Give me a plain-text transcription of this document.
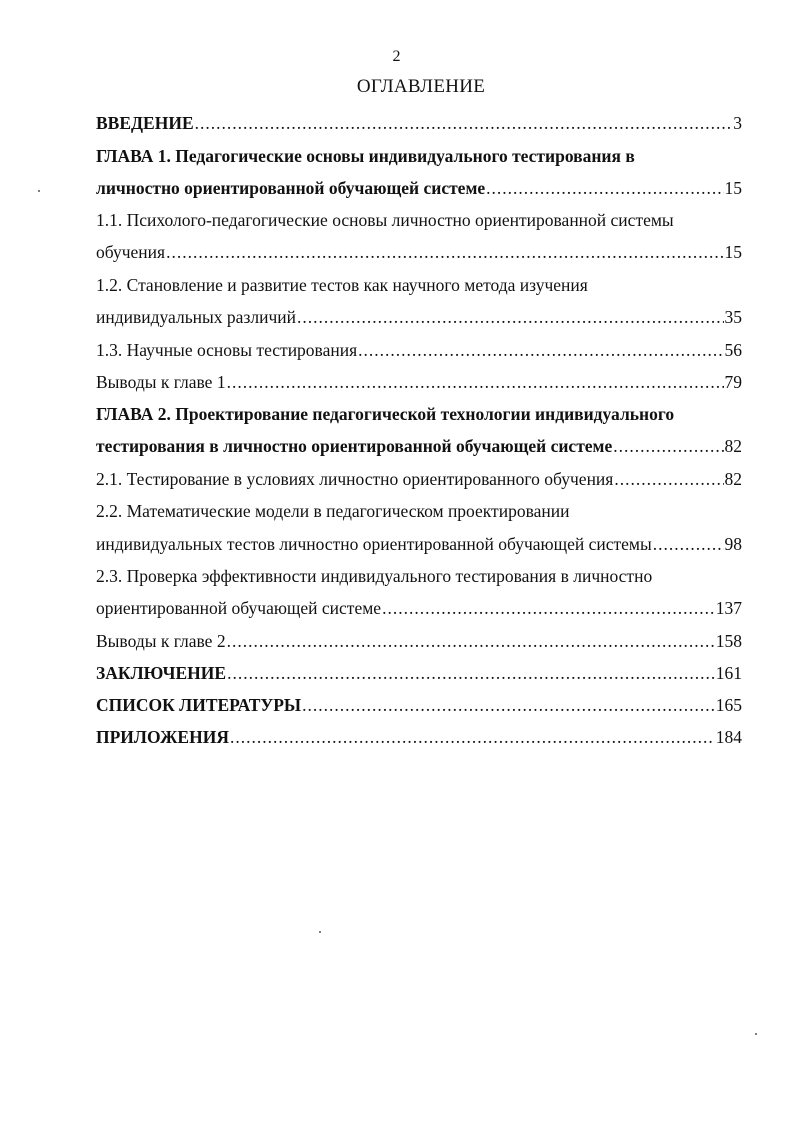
2
ОГЛАВЛЕНИЕ
ВВЕДЕНИЕ .....	3
ГЛАВА 1. Педагогические основы индивидуального тестирования в
личностно ориентированной обучающей системе .....	15
1.1. Психолого-педагогические основы личностно ориентированной системы
обучения .....	15
1.2. Становление и развитие тестов как научного метода изучения
индивидуальных различий .....	35
1.3. Научные основы тестирования .....	56
Выводы к главе 1 .....	79
ГЛАВА 2. Проектирование педагогической технологии индивидуального
тестирования в личностно ориентированной обучающей системе .....	82
2.1. Тестирование в условиях личностно ориентированного обучения .....	82
2.2. Математические модели в педагогическом проектировании
индивидуальных тестов личностно ориентированной обучающей системы .....	98
2.3. Проверка эффективности индивидуального тестирования в личностно
ориентированной обучающей системе .....	137
Выводы к главе 2 .....	158
ЗАКЛЮЧЕНИЕ .....	161
СПИСОК ЛИТЕРАТУРЫ .....	165
ПРИЛОЖЕНИЯ .....	184
